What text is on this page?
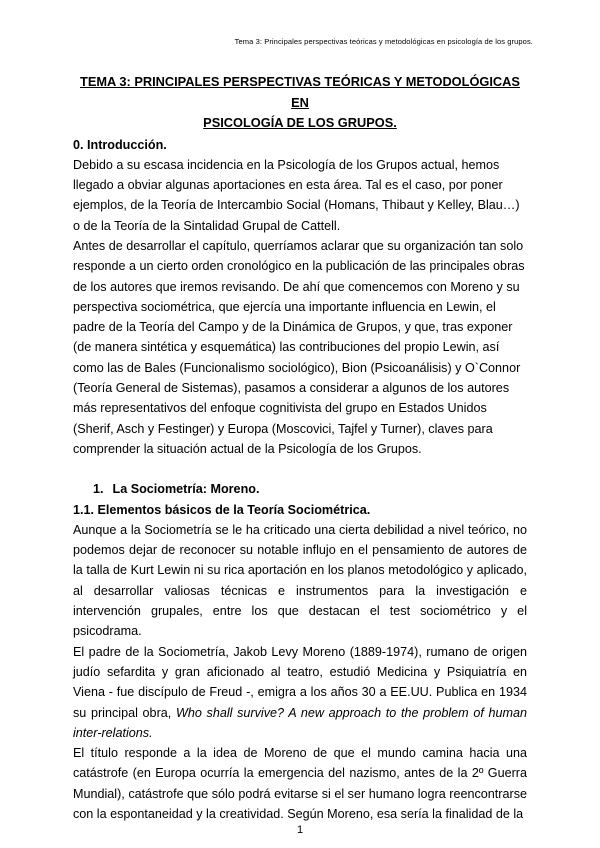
Tema 3: Principales perspectivas teóricas y metodológicas en psicología de los grupos.
TEMA 3: PRINCIPALES PERSPECTIVAS TEÓRICAS Y METODOLÓGICAS EN
PSICOLOGÍA DE LOS GRUPOS.

0. Introducción.

Debido a su escasa incidencia en la Psicología de los Grupos actual, hemos llegado a obviar algunas aportaciones en esta área. Tal es el caso, por poner ejemplos, de la Teoría de Intercambio Social (Homans, Thibaut y Kelley, Blau…) o de la Teoría de la Sintalidad Grupal de Cattell.

Antes de desarrollar el capítulo, querríamos aclarar que su organización tan solo responde a un cierto orden cronológico en la publicación de las principales obras de los autores que iremos revisando. De ahí que comencemos con Moreno y su perspectiva sociométrica, que ejercía una importante influencia en Lewin, el padre de la Teoría del Campo y de la Dinámica de Grupos, y que, tras exponer (de manera sintética y esquemática) las contribuciones del propio Lewin, así como las de Bales (Funcionalismo sociológico), Bion (Psicoanálisis) y O`Connor (Teoría General de Sistemas), pasamos a considerar a algunos de los autores más representativos del enfoque cognitivista del grupo en Estados Unidos (Sherif, Asch y Festinger) y Europa (Moscovici, Tajfel y Turner), claves para comprender la situación actual de la Psicología de los Grupos.

1. La Sociometría: Moreno.

1.1. Elementos básicos de la Teoría Sociométrica.

Aunque a la Sociometría se le ha criticado una cierta debilidad a nivel teórico, no podemos dejar de reconocer su notable influjo en el pensamiento de autores de la talla de Kurt Lewin ni su rica aportación en los planos metodológico y aplicado, al desarrollar valiosas técnicas e instrumentos para la investigación e intervención grupales, entre los que destacan el test sociométrico y el psicodrama.

El padre de la Sociometría, Jakob Levy Moreno (1889-1974), rumano de origen judío sefardita y gran aficionado al teatro, estudió Medicina y Psiquiatría en Viena - fue discípulo de Freud -, emigra a los años 30 a EE.UU. Publica en 1934 su principal obra, Who shall survive? A new approach to the problem of human inter-relations.

El título responde a la idea de Moreno de que el mundo camina hacia una catástrofe (en Europa ocurría la emergencia del nazismo, antes de la 2º Guerra Mundial), catástrofe que sólo podrá evitarse si el ser humano logra reencontrarse con la espontaneidad y la creatividad. Según Moreno, esa sería la finalidad de la

1
